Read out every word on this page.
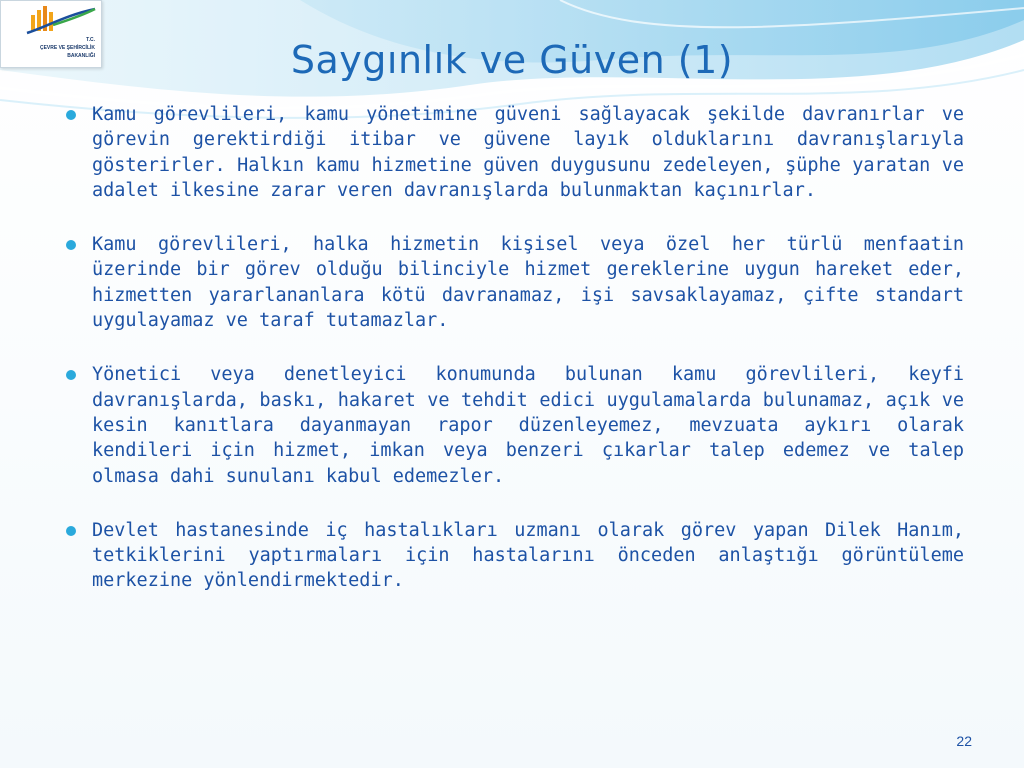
T.C.
ÇEVRE VE ŞEHİRCİLİK
BAKANLIĞI	Saygınlık ve Güven (1)
Kamu görevlileri, kamu yönetimine güveni sağlayacak şekilde davranırlar ve görevin gerektirdiği itibar ve güvene layık olduklarını davranışlarıyla gösterirler. Halkın kamu hizmetine güven duygusunu zedeleyen, şüphe yaratan ve adalet ilkesine zarar veren davranışlarda bulunmaktan kaçınırlar.
Kamu görevlileri, halka hizmetin kişisel veya özel her türlü menfaatin üzerinde bir görev olduğu bilinciyle hizmet gereklerine uygun hareket eder, hizmetten yararlananlara kötü davranamaz, işi savsaklayamaz, çifte standart uygulayamaz ve taraf tutamazlar.
Yönetici veya denetleyici konumunda bulunan kamu görevlileri, keyfi davranışlarda, baskı, hakaret ve tehdit edici uygulamalarda bulunamaz, açık ve kesin kanıtlara dayanmayan rapor düzenleyemez, mevzuata aykırı olarak kendileri için hizmet, imkan veya benzeri çıkarlar talep edemez ve talep olmasa dahi sunulanı kabul edemezler.
Devlet hastanesinde iç hastalıkları uzmanı olarak görev yapan Dilek Hanım, tetkiklerini yaptırmaları için hastalarını önceden anlaştığı görüntüleme merkezine yönlendirmektedir.
22
